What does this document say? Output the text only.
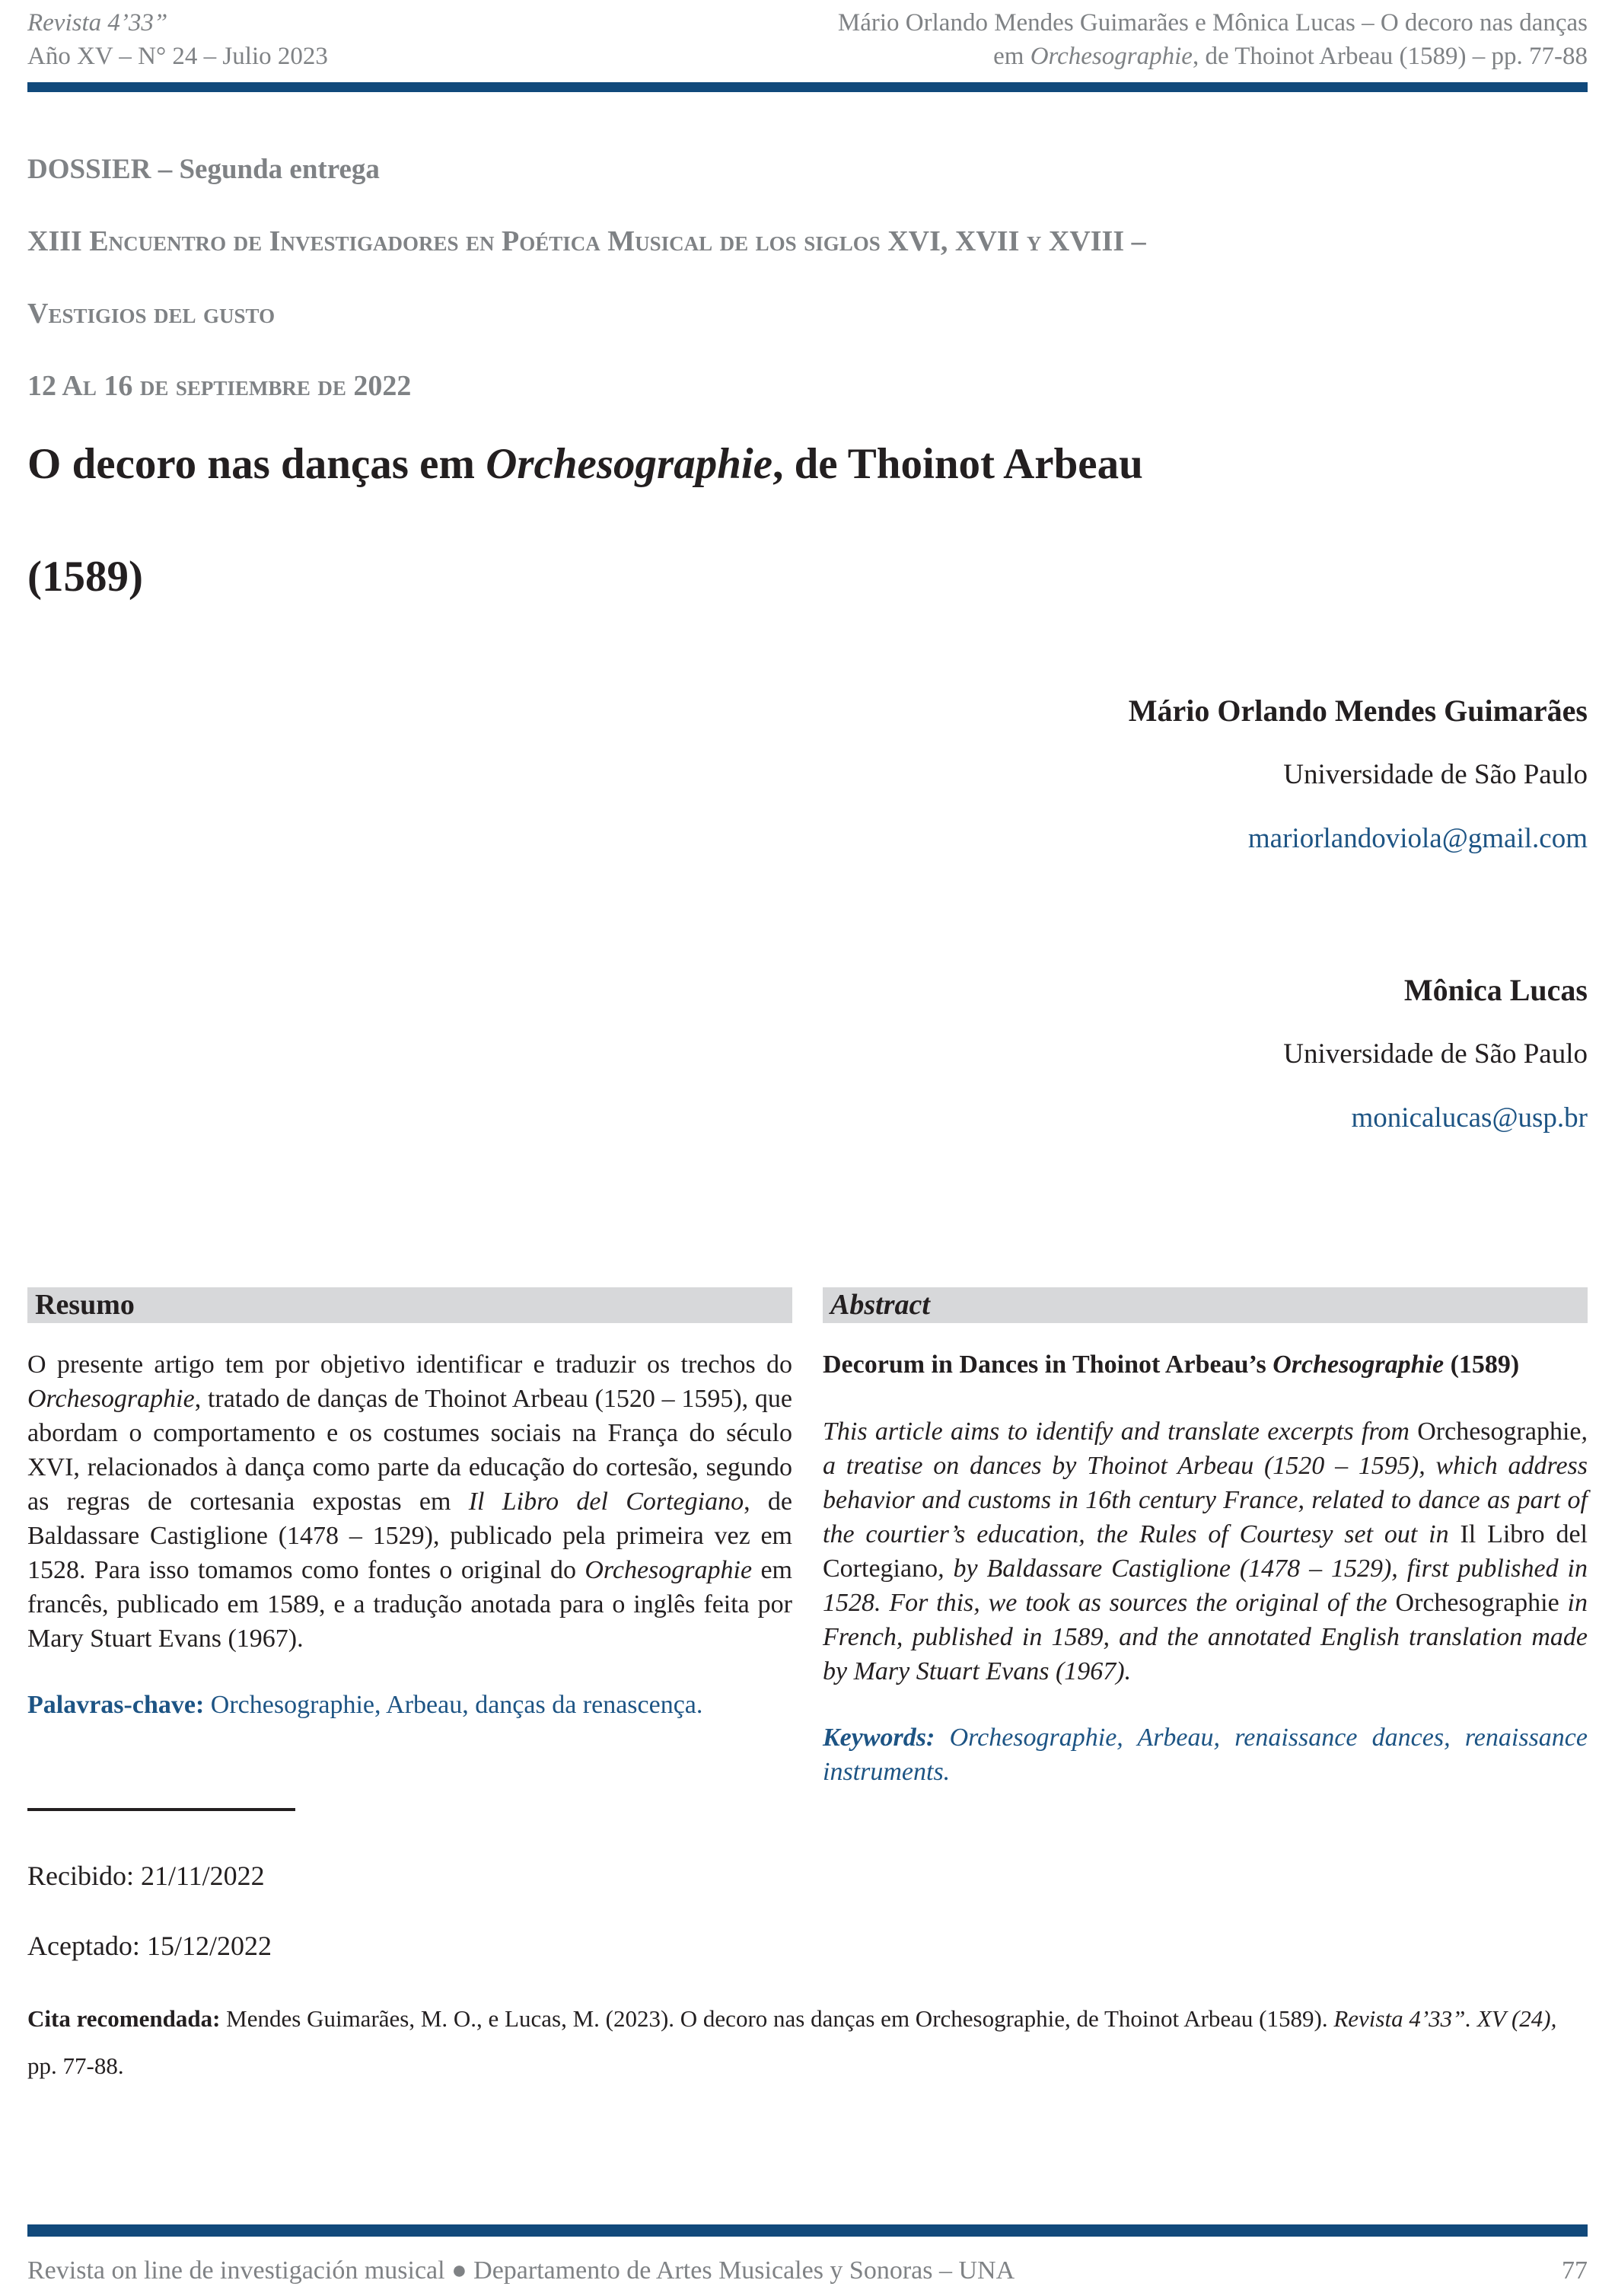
Revista 4’33”
Año XV – N° 24 – Julio 2023
Mário Orlando Mendes Guimarães e Mônica Lucas – O decoro nas danças
em Orchesographie, de Thoinot Arbeau (1589) – pp. 77-88

DOSSIER – Segunda entrega

XIII Encuentro de Investigadores en Poética Musical de los siglos XVI, XVII y XVIII –

Vestigios del gusto

12 Al 16 de septiembre de 2022

O decoro nas danças em Orchesographie, de Thoinot Arbeau (1589)

Mário Orlando Mendes Guimarães

Universidade de São Paulo

mariorlandoviola@gmail.com

Mônica Lucas

Universidade de São Paulo

monicalucas@usp.br

Resumo

O presente artigo tem por objetivo identificar e traduzir os trechos do Orchesographie, tratado de danças de Thoinot Arbeau (1520 – 1595), que abordam o comportamento e os costumes sociais na França do século XVI, relacionados à dança como parte da educação do cortesão, segundo as regras de cortesania expostas em Il Libro del Cortegiano, de Baldassare Castiglione (1478 – 1529), publicado pela primeira vez em 1528. Para isso tomamos como fontes o original do Orchesographie em francês, publicado em 1589, e a tradução anotada para o inglês feita por Mary Stuart Evans (1967).

Palavras-chave: Orchesographie, Arbeau, danças da renascença.

Abstract

Decorum in Dances in Thoinot Arbeau’s Orchesographie (1589)

This article aims to identify and translate excerpts from Orchesographie, a treatise on dances by Thoinot Arbeau (1520 – 1595), which address behavior and customs in 16th century France, related to dance as part of the courtier’s education, the Rules of Courtesy set out in Il Libro del Cortegiano, by Baldassare Castiglione (1478 – 1529), first published in 1528. For this, we took as sources the original of the Orchesographie in French, published in 1589, and the annotated English translation made by Mary Stuart Evans (1967).

Keywords: Orchesographie, Arbeau, renaissance dances, renaissance instruments.

Recibido: 21/11/2022

Aceptado: 15/12/2022

Cita recomendada: Mendes Guimarães, M. O., e Lucas, M. (2023). O decoro nas danças em Orchesographie, de Thoinot Arbeau (1589). Revista 4’33”. XV (24), pp. 77-88.

Revista on line de investigación musical ● Departamento de Artes Musicales y Sonoras – UNA	77
